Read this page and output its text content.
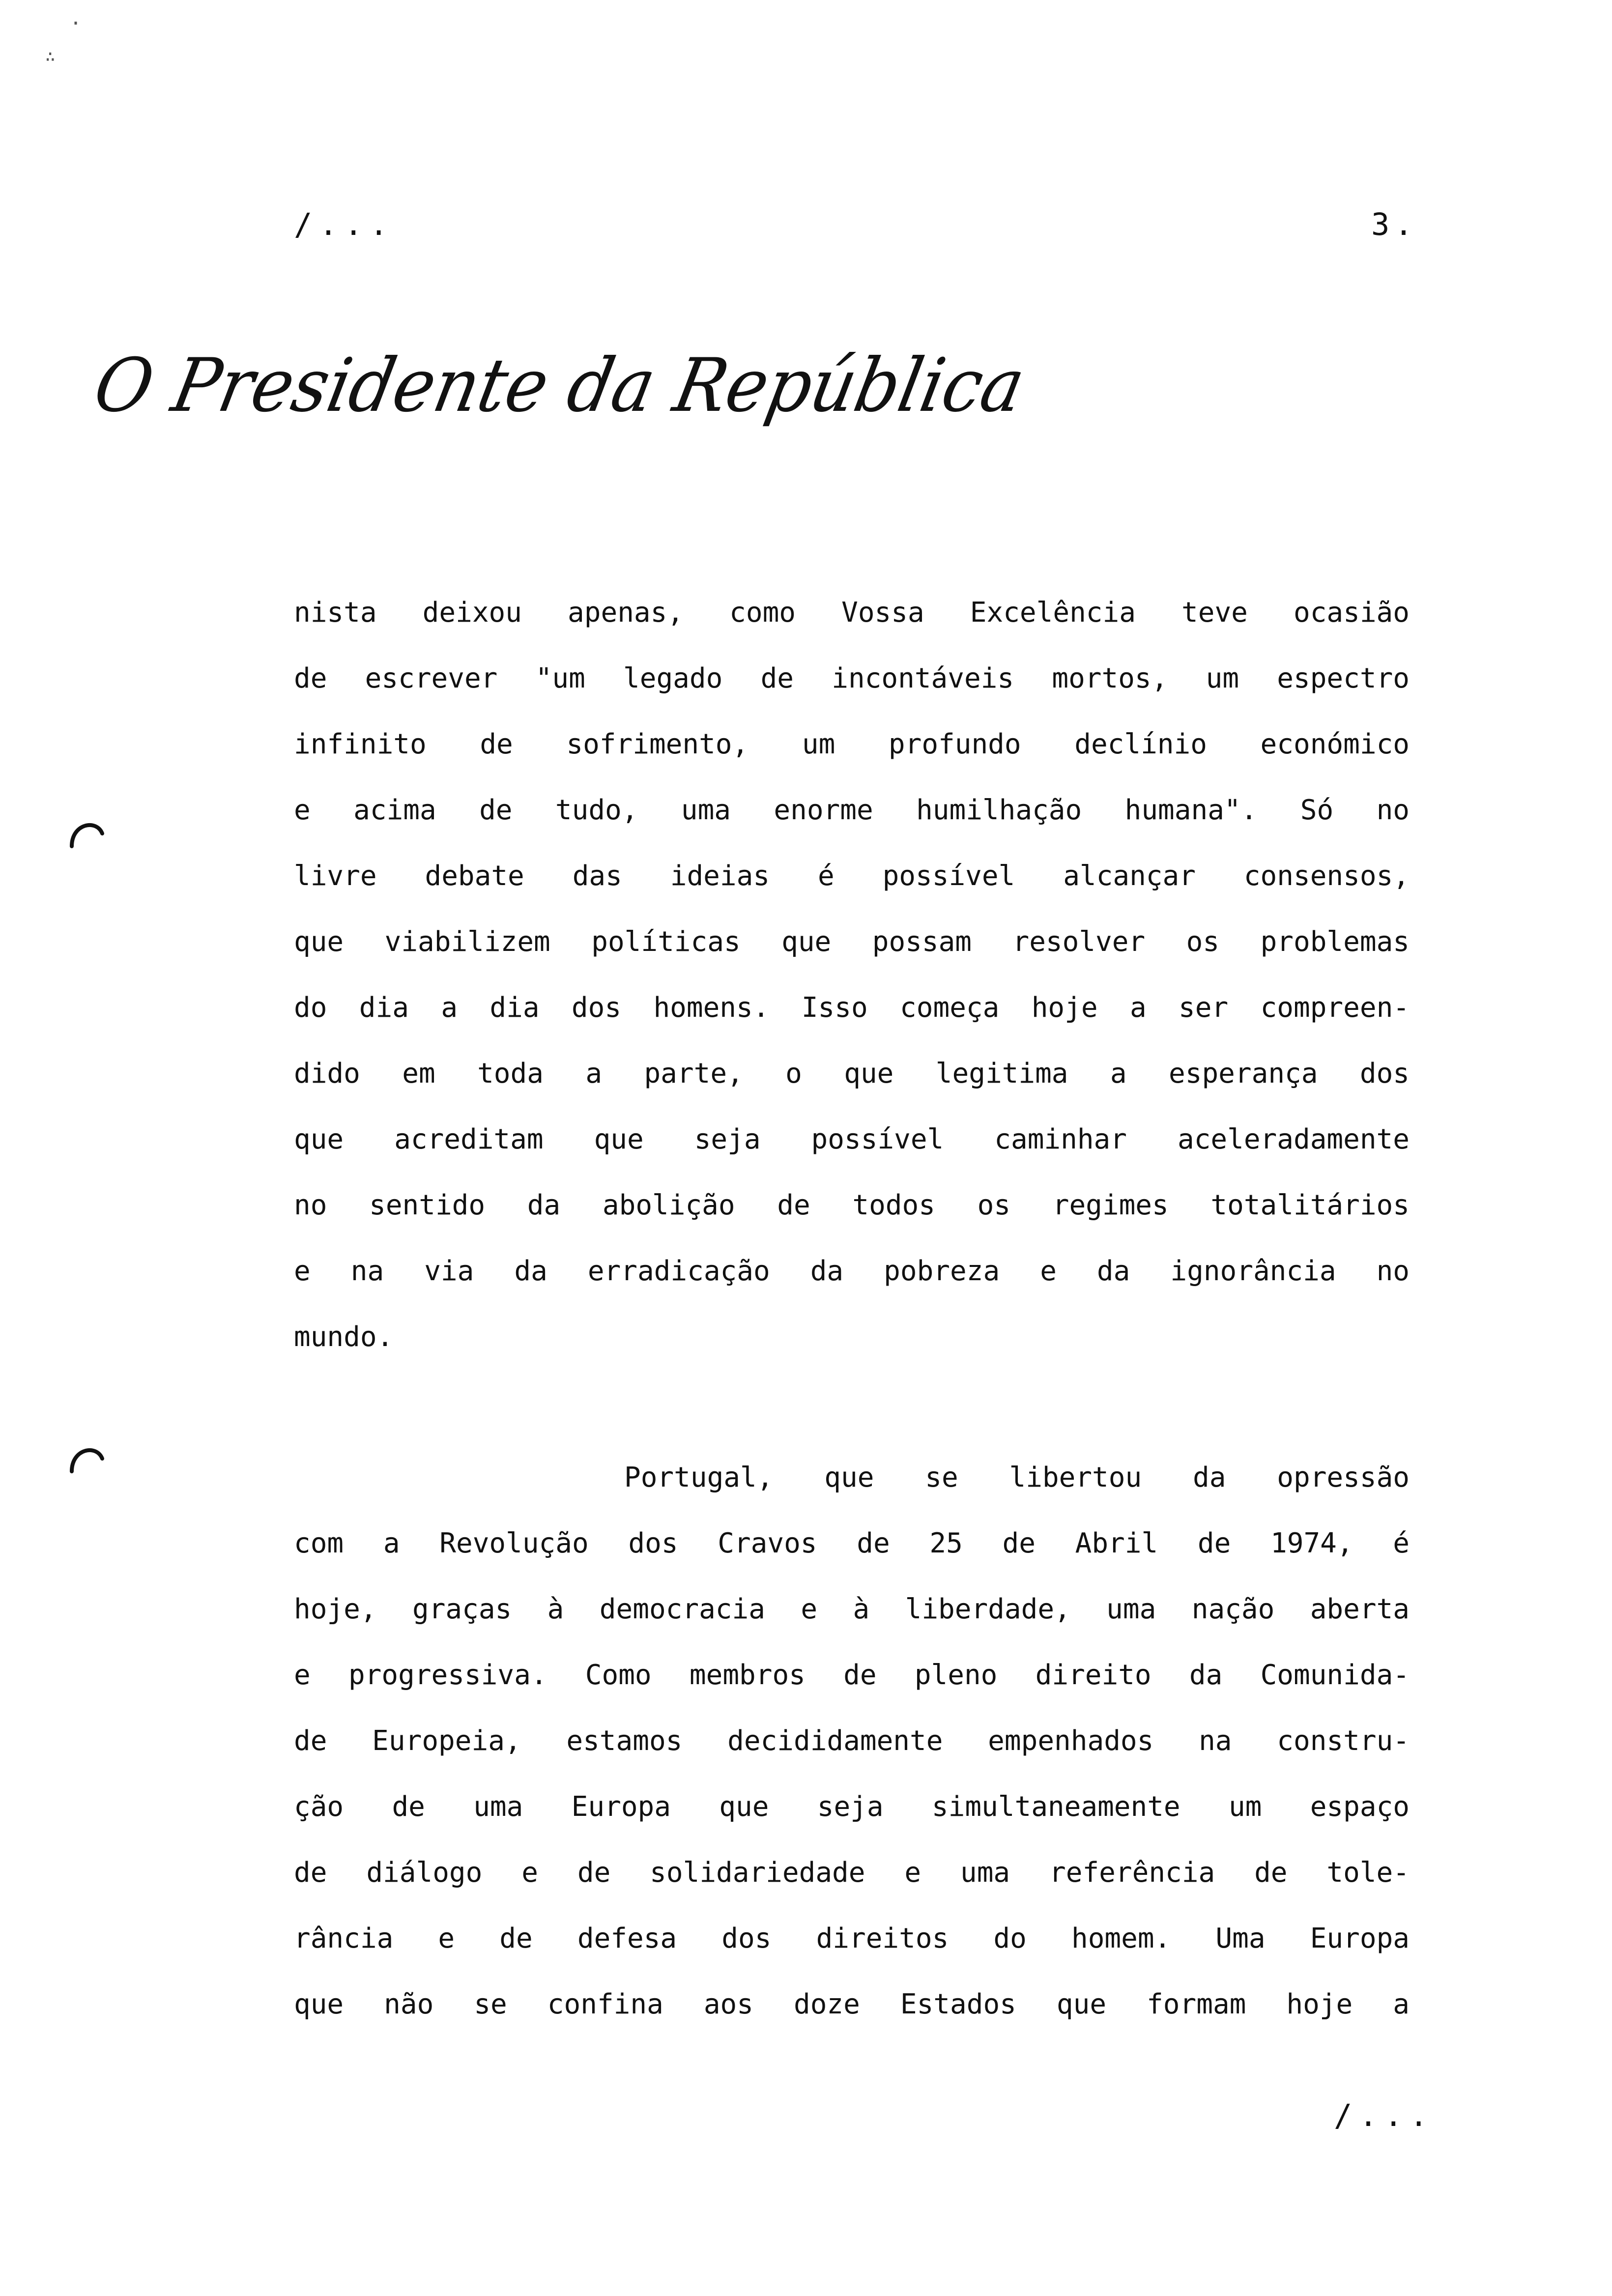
·
∴
/...	3.
O Presidente da República
nista deixou apenas, como Vossa Excelência teve ocasião
de escrever "um legado de incontáveis mortos, um espectro
infinito de sofrimento, um profundo declínio económico
e acima de tudo, uma enorme humilhação humana". Só no
livre debate das ideias é possível alcançar consensos,
que viabilizem políticas que possam resolver os problemas
do dia a dia dos homens. Isso começa hoje a ser compreen-
dido em toda a parte, o que legitima a esperança dos
que acreditam que seja possível caminhar aceleradamente
no sentido da abolição de todos os regimes totalitários
e na via da erradicação da pobreza e da ignorância no
mundo.
Portugal, que se libertou da opressão
com a Revolução dos Cravos de 25 de Abril de 1974, é
hoje, graças à democracia e à liberdade, uma nação aberta
e progressiva. Como membros de pleno direito da Comunida-
de Europeia, estamos decididamente empenhados na constru-
ção de uma Europa que seja simultaneamente um espaço
de diálogo e de solidariedade e uma referência de tole-
rância e de defesa dos direitos do homem. Uma Europa
que não se confina aos doze Estados que formam hoje a
/...
